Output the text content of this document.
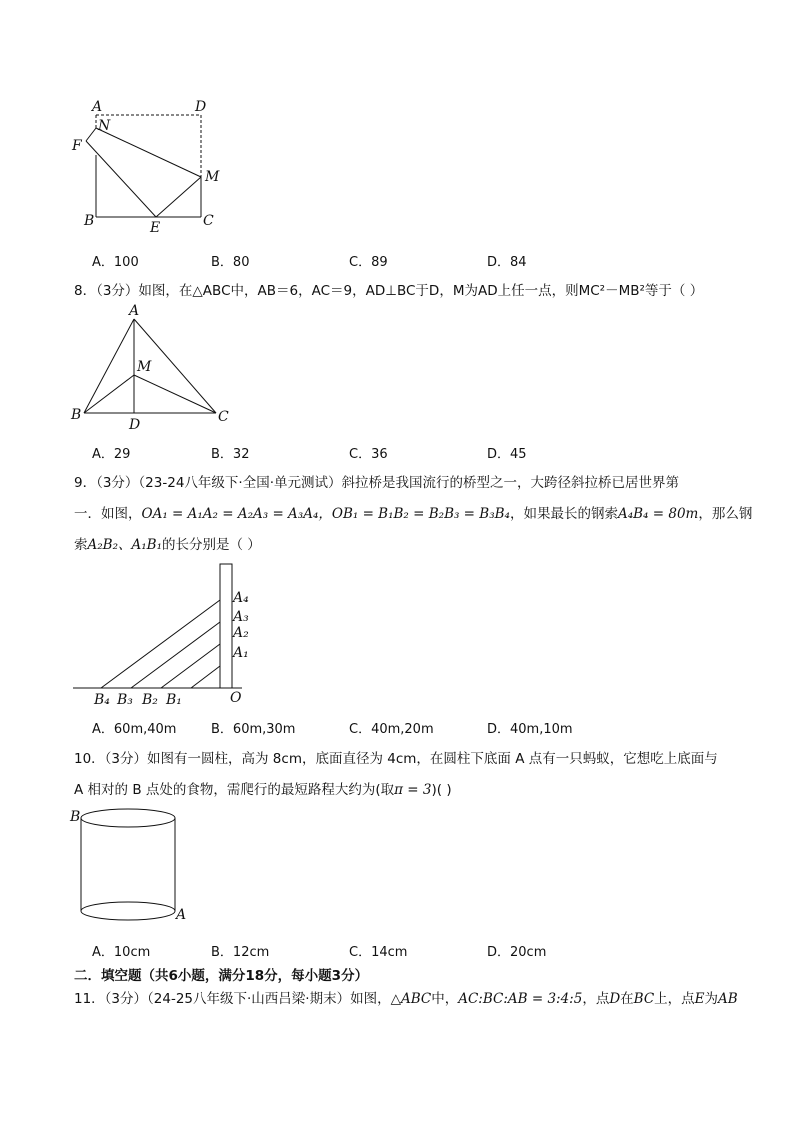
A	D
N
F
M
B	E	C
A．100	B．80	C．89	D．84
8．（3分）如图，在△ABC中，AB＝6，AC＝9，AD⊥BC于D，M为AD上任一点，则MC²－MB²等于（ ）
A
M
B
D	C
A．29	B．32	C．36	D．45
9．（3分）（23-24八年级下·全国·单元测试）斜拉桥是我国流行的桥型之一，大跨径斜拉桥已居世界第
一．如图，OA₁ = A₁A₂ = A₂A₃ = A₃A₄，OB₁ = B₁B₂ = B₂B₃ = B₃B₄，如果最长的钢索A₄B₄ = 80m，那么钢
索A₂B₂、A₁B₁的长分别是（ ）
A₄
A₃
A₂
A₁
B₄ B₃ B₂ B₁	O
A．60m,40m	B．60m,30m	C．40m,20m	D．40m,10m
10．（3分）如图有一圆柱，高为 8cm，底面直径为 4cm，在圆柱下底面 A 点有一只蚂蚁，它想吃上底面与
A 相对的 B 点处的食物，需爬行的最短路程大约为(取π = 3)( )
B
A
A．10cm	B．12cm	C．14cm	D．20cm
二．填空题（共6小题，满分18分，每小题3分）
11．（3分）（24-25八年级下·山西吕梁·期末）如图，△ABC中，AC:BC:AB = 3:4:5，点D在BC上，点E为AB
